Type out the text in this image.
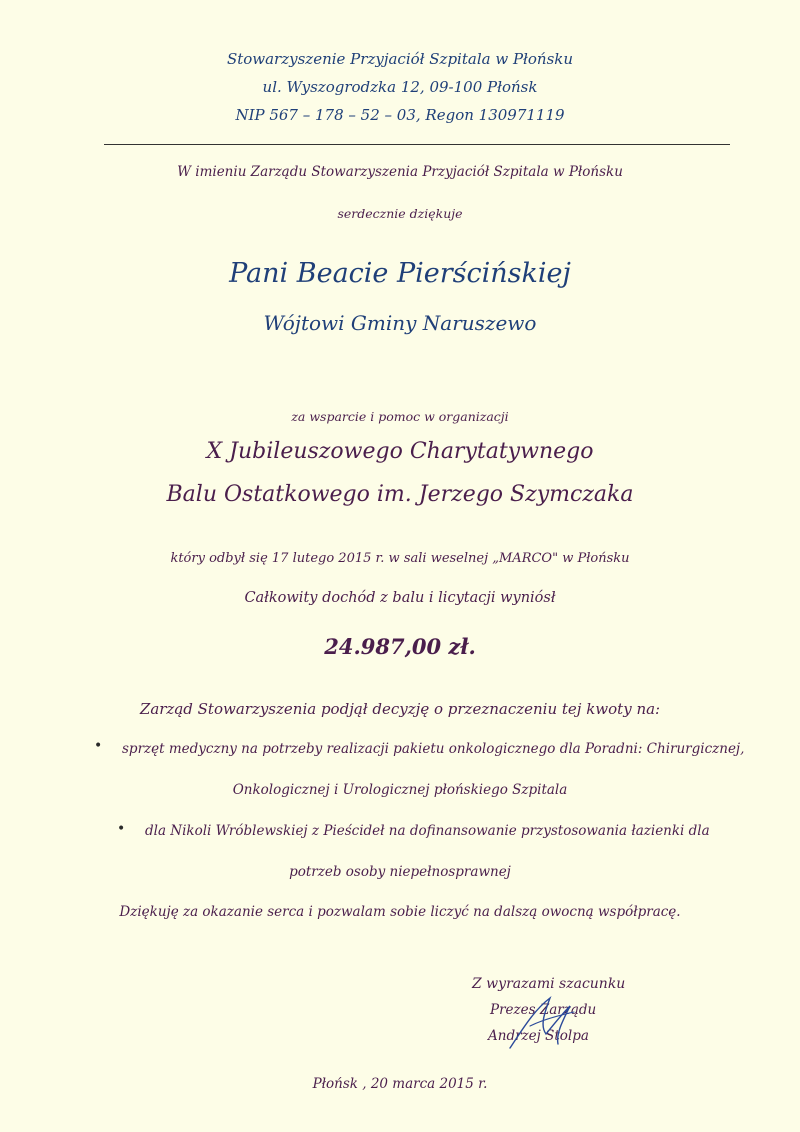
Stowarzyszenie Przyjaciół Szpitala w Płońsku
ul. Wyszogrodzka 12, 09-100 Płońsk
NIP 567 – 178 – 52 – 03, Regon 130971119
W imieniu Zarządu Stowarzyszenia Przyjaciół Szpitala w Płońsku
serdecznie dziękuje
Pani Beacie Pierścińskiej
Wójtowi Gminy Naruszewo
za wsparcie i pomoc w organizacji
X Jubileuszowego Charytatywnego
Balu Ostatkowego im. Jerzego Szymczaka
który odbył się 17 lutego 2015 r. w sali weselnej „MARCO" w Płońsku
Całkowity dochód z balu i licytacji wyniósł
24.987,00 zł.
Zarząd Stowarzyszenia podjął decyzję o przeznaczeniu tej kwoty na:
• sprzęt medyczny na potrzeby realizacji pakietu onkologicznego dla Poradni: Chirurgicznej,
Onkologicznej i Urologicznej płońskiego Szpitala
• dla Nikoli Wróblewskiej z Pieścideł na dofinansowanie przystosowania łazienki dla
potrzeb osoby niepełnosprawnej
Dziękuję za okazanie serca i pozwalam sobie liczyć na dalszą owocną współpracę.
Z wyrazami szacunku
Prezes Zarządu
Andrzej Stolpa
Płońsk , 20 marca 2015 r.
